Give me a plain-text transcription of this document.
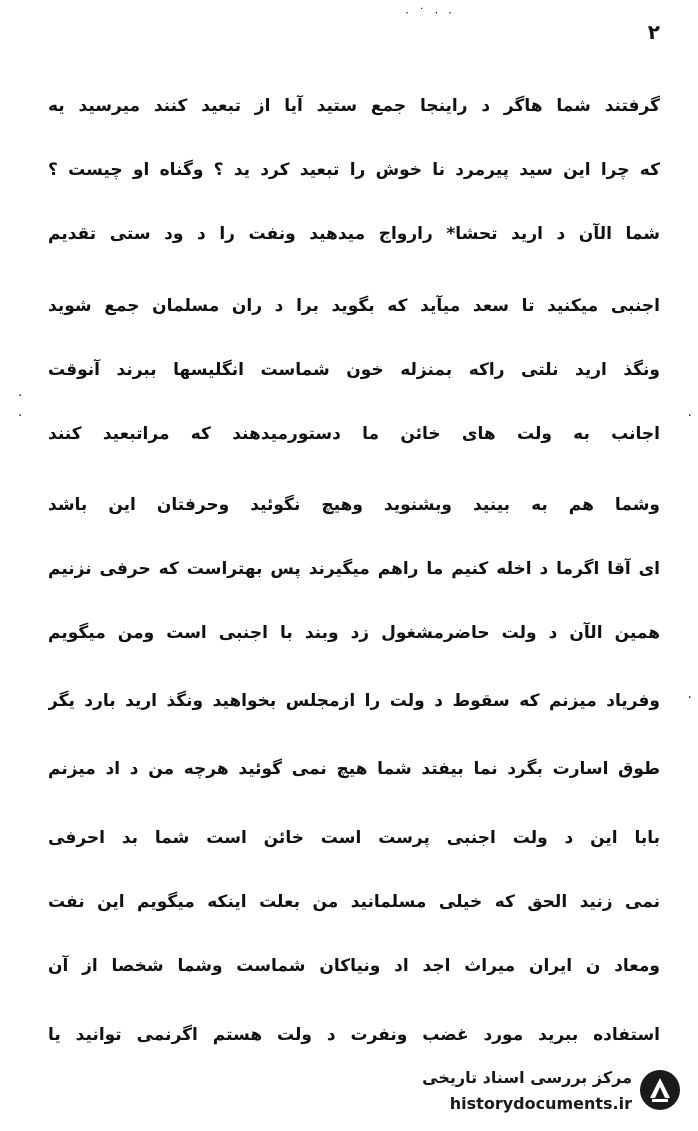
· ˙ · ·
·
·
·
·
۲
گرفتند شما هاگر د راینجا جمع ستید آیا از تبعید کنند میرسید یه
که چرا این سید پیرمرد نا خوش را تبعید کرد ید ؟ وگناه او چیست ؟
شما الآن د ارید تحشا* رارواج میدهید ونفت را د ود ستی تقدیم
اجنبی میکنید تا سعد میآید که بگوید برا د ران مسلمان جمع شوید
ونگذ ارید نلتی راکه بمنزله خون شماست انگلیسها ببرند آنوقت
اجانب به ولت های خائن ما دستورمیدهند که مراتبعید کنند
وشما هم به بینید وبشنوید وهیچ نگوئید وحرفتان این باشد
ای آقا اگرما د اخله کنیم ما راهم میگیرند پس بهتراست که حرفی نزنیم
همین الآن د ولت حاضرمشغول زد وبند با اجنبی است ومن میگویم
وفریاد میزنم که سقوط د ولت را ازمجلس بخواهید ونگذ ارید بارد یگر
طوق اسارت بگرد نما بیفتد شما هیچ نمی گوئید هرچه من د اد میزنم
بابا این د ولت اجنبی پرست است خائن است شما بد احرفی
نمی زنید الحق که خیلی مسلمانید من بعلت اینکه میگویم این نفت
ومعاد ن ایران میراث اجد اد ونیاکان شماست وشما شخصا از آن
استفاده ببرید مورد غضب ونفرت د ولت هستم اگرنمی توانید یا
مرکز بررسی اسناد تاریخی
historydocuments.ir
